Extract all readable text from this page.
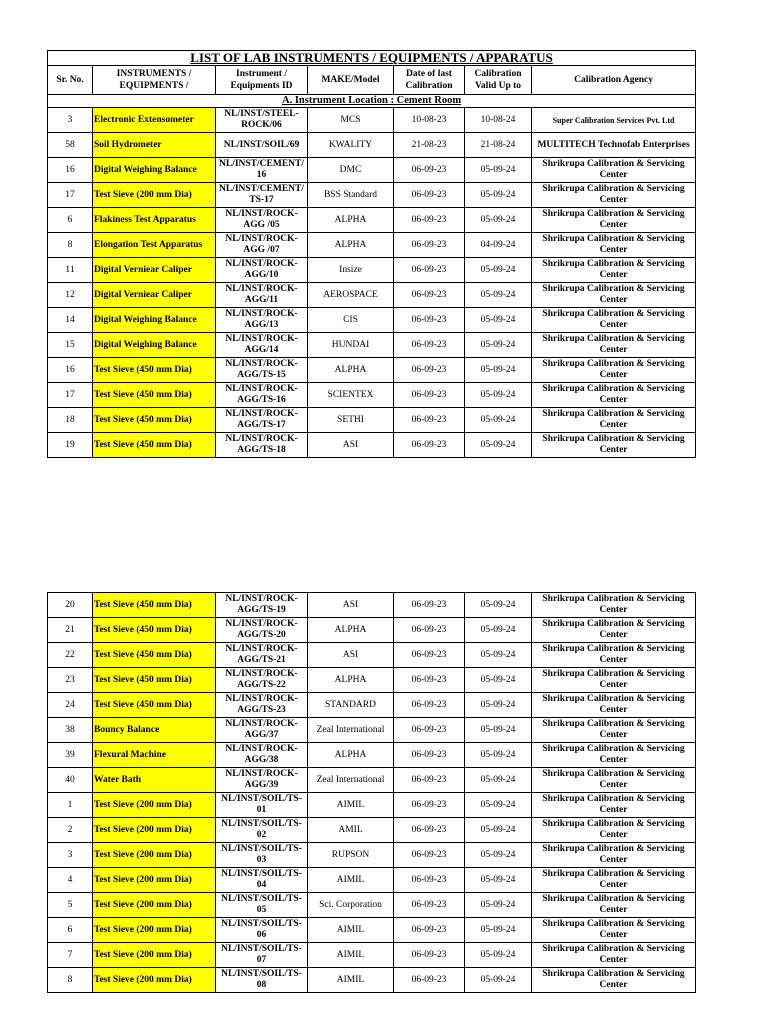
LIST OF LAB INSTRUMENTS / EQUIPMENTS / APPARATUS						
Sr. No.	INSTRUMENTS / EQUIPMENTS /	Instrument / Equipments ID	MAKE/Model	Date of last Calibration	Calibration Valid Up to	Calibration Agency
A. Instrument Location : Cement Room						
3	Electronic Extensometer	NL/INST/STEEL-ROCK/06	MCS	10-08-23	10-08-24	Super Calibration Services Pvt. Ltd
58	Soil Hydrometer	NL/INST/SOIL/69	KWALITY	21-08-23	21-08-24	MULTITECH Technofab Enterprises
16	Digital Weighing Balance	NL/INST/CEMENT/ 16	DMC	06-09-23	05-09-24	Shrikrupa Calibration & Servicing Center
17	Test Sieve (200 mm Dia)	NL/INST/CEMENT/ TS-17	BSS Standard	06-09-23	05-09-24	Shrikrupa Calibration & Servicing Center
6	Flakiness Test Apparatus	NL/INST/ROCK-AGG /05	ALPHA	06-09-23	05-09-24	Shrikrupa Calibration & Servicing Center
8	Elongation Test Apparatus	NL/INST/ROCK-AGG /07	ALPHA	06-09-23	04-09-24	Shrikrupa Calibration & Servicing Center
11	Digital Verniear Caliper	NL/INST/ROCK-AGG/10	Insize	06-09-23	05-09-24	Shrikrupa Calibration & Servicing Center
12	Digital Verniear Caliper	NL/INST/ROCK-AGG/11	AEROSPACE	06-09-23	05-09-24	Shrikrupa Calibration & Servicing Center
14	Digital Weighing Balance	NL/INST/ROCK-AGG/13	CIS	06-09-23	05-09-24	Shrikrupa Calibration & Servicing Center
15	Digital Weighing Balance	NL/INST/ROCK-AGG/14	HUNDAI	06-09-23	05-09-24	Shrikrupa Calibration & Servicing Center
16	Test Sieve (450 mm Dia)	NL/INST/ROCK-AGG/TS-15	ALPHA	06-09-23	05-09-24	Shrikrupa Calibration & Servicing Center
17	Test Sieve (450 mm Dia)	NL/INST/ROCK-AGG/TS-16	SCIENTEX	06-09-23	05-09-24	Shrikrupa Calibration & Servicing Center
18	Test Sieve (450 mm Dia)	NL/INST/ROCK-AGG/TS-17	SETHI	06-09-23	05-09-24	Shrikrupa Calibration & Servicing Center
19	Test Sieve (450 mm Dia)	NL/INST/ROCK-AGG/TS-18	ASI	06-09-23	05-09-24	Shrikrupa Calibration & Servicing Center
20	Test Sieve (450 mm Dia)	NL/INST/ROCK-AGG/TS-19	ASI	06-09-23	05-09-24	Shrikrupa Calibration & Servicing Center
21	Test Sieve (450 mm Dia)	NL/INST/ROCK-AGG/TS-20	ALPHA	06-09-23	05-09-24	Shrikrupa Calibration & Servicing Center
22	Test Sieve (450 mm Dia)	NL/INST/ROCK-AGG/TS-21	ASI	06-09-23	05-09-24	Shrikrupa Calibration & Servicing Center
23	Test Sieve (450 mm Dia)	NL/INST/ROCK-AGG/TS-22	ALPHA	06-09-23	05-09-24	Shrikrupa Calibration & Servicing Center
24	Test Sieve (450 mm Dia)	NL/INST/ROCK-AGG/TS-23	STANDARD	06-09-23	05-09-24	Shrikrupa Calibration & Servicing Center
38	Bouncy Balance	NL/INST/ROCK-AGG/37	Zeal International	06-09-23	05-09-24	Shrikrupa Calibration & Servicing Center
39	Flexural Machine	NL/INST/ROCK-AGG/38	ALPHA	06-09-23	05-09-24	Shrikrupa Calibration & Servicing Center
40	Water Bath	NL/INST/ROCK-AGG/39	Zeal International	06-09-23	05-09-24	Shrikrupa Calibration & Servicing Center
1	Test Sieve (200 mm Dia)	NL/INST/SOIL/TS-01	AIMIL	06-09-23	05-09-24	Shrikrupa Calibration & Servicing Center
2	Test Sieve (200 mm Dia)	NL/INST/SOIL/TS-02	AMIL	06-09-23	05-09-24	Shrikrupa Calibration & Servicing Center
3	Test Sieve (200 mm Dia)	NL/INST/SOIL/TS-03	RUPSON	06-09-23	05-09-24	Shrikrupa Calibration & Servicing Center
4	Test Sieve (200 mm Dia)	NL/INST/SOIL/TS-04	AIMIL	06-09-23	05-09-24	Shrikrupa Calibration & Servicing Center
5	Test Sieve (200 mm Dia)	NL/INST/SOIL/TS-05	Sci. Corporation	06-09-23	05-09-24	Shrikrupa Calibration & Servicing Center
6	Test Sieve (200 mm Dia)	NL/INST/SOIL/TS-06	AIMIL	06-09-23	05-09-24	Shrikrupa Calibration & Servicing Center
7	Test Sieve (200 mm Dia)	NL/INST/SOIL/TS-07	AIMIL	06-09-23	05-09-24	Shrikrupa Calibration & Servicing Center
8	Test Sieve (200 mm Dia)	NL/INST/SOIL/TS-08	AIMIL	06-09-23	05-09-24	Shrikrupa Calibration & Servicing Center
